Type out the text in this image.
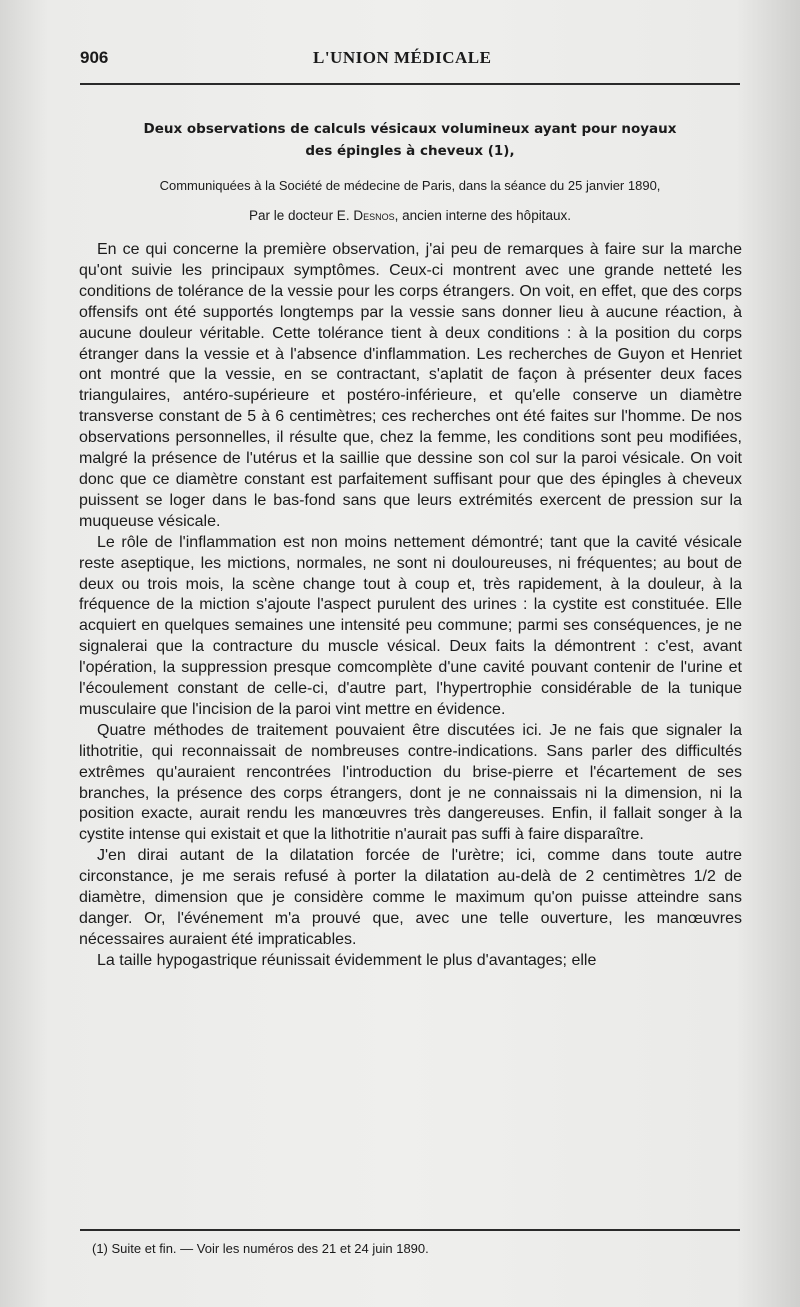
906	L'UNION MÉDICALE
Deux observations de calculs vésicaux volumineux ayant pour noyaux
des épingles à cheveux (1),
Communiquées à la Société de médecine de Paris, dans la séance du 25 janvier 1890,
Par le docteur E. Desnos, ancien interne des hôpitaux.

En ce qui concerne la première observation, j'ai peu de remarques à faire sur la marche qu'ont suivie les principaux symptômes. Ceux-ci montrent avec une grande netteté les conditions de tolérance de la vessie pour les corps étrangers. On voit, en effet, que des corps offensifs ont été supportés longtemps par la vessie sans donner lieu à aucune réaction, à aucune douleur véritable. Cette tolérance tient à deux conditions : à la position du corps étranger dans la vessie et à l'absence d'inflammation. Les recherches de Guyon et Henriet ont montré que la vessie, en se contractant, s'aplatit de façon à présenter deux faces triangulaires, antéro-supérieure et postéro-inférieure, et qu'elle conserve un diamètre transverse constant de 5 à 6 centimètres; ces recherches ont été faites sur l'homme. De nos observations personnelles, il résulte que, chez la femme, les conditions sont peu modifiées, malgré la présence de l'utérus et la saillie que dessine son col sur la paroi vésicale. On voit donc que ce diamètre constant est parfaitement suffisant pour que des épingles à cheveux puissent se loger dans le bas-fond sans que leurs extrémités exercent de pression sur la muqueuse vésicale.

Le rôle de l'inflammation est non moins nettement démontré; tant que la cavité vésicale reste aseptique, les mictions, normales, ne sont ni douloureuses, ni fréquentes; au bout de deux ou trois mois, la scène change tout à coup et, très rapidement, à la douleur, à la fréquence de la miction s'ajoute l'aspect purulent des urines : la cystite est constituée. Elle acquiert en quelques semaines une intensité peu commune; parmi ses conséquences, je ne signalerai que la contracture du muscle vésical. Deux faits la démontrent : c'est, avant l'opération, la suppression presque comcomplète d'une cavité pouvant contenir de l'urine et l'écoulement constant de celle-ci, d'autre part, l'hypertrophie considérable de la tunique musculaire que l'incision de la paroi vint mettre en évidence.

Quatre méthodes de traitement pouvaient être discutées ici. Je ne fais que signaler la lithotritie, qui reconnaissait de nombreuses contre-indications. Sans parler des difficultés extrêmes qu'auraient rencontrées l'introduction du brise-pierre et l'écartement de ses branches, la présence des corps étrangers, dont je ne connaissais ni la dimension, ni la position exacte, aurait rendu les manœuvres très dangereuses. Enfin, il fallait songer à la cystite intense qui existait et que la lithotritie n'aurait pas suffi à faire disparaître.

J'en dirai autant de la dilatation forcée de l'urètre; ici, comme dans toute autre circonstance, je me serais refusé à porter la dilatation au-delà de 2 centimètres 1/2 de diamètre, dimension que je considère comme le maximum qu'on puisse atteindre sans danger. Or, l'événement m'a prouvé que, avec une telle ouverture, les manœuvres nécessaires auraient été impraticables.

La taille hypogastrique réunissait évidemment le plus d'avantages; elle

(1) Suite et fin. — Voir les numéros des 21 et 24 juin 1890.
